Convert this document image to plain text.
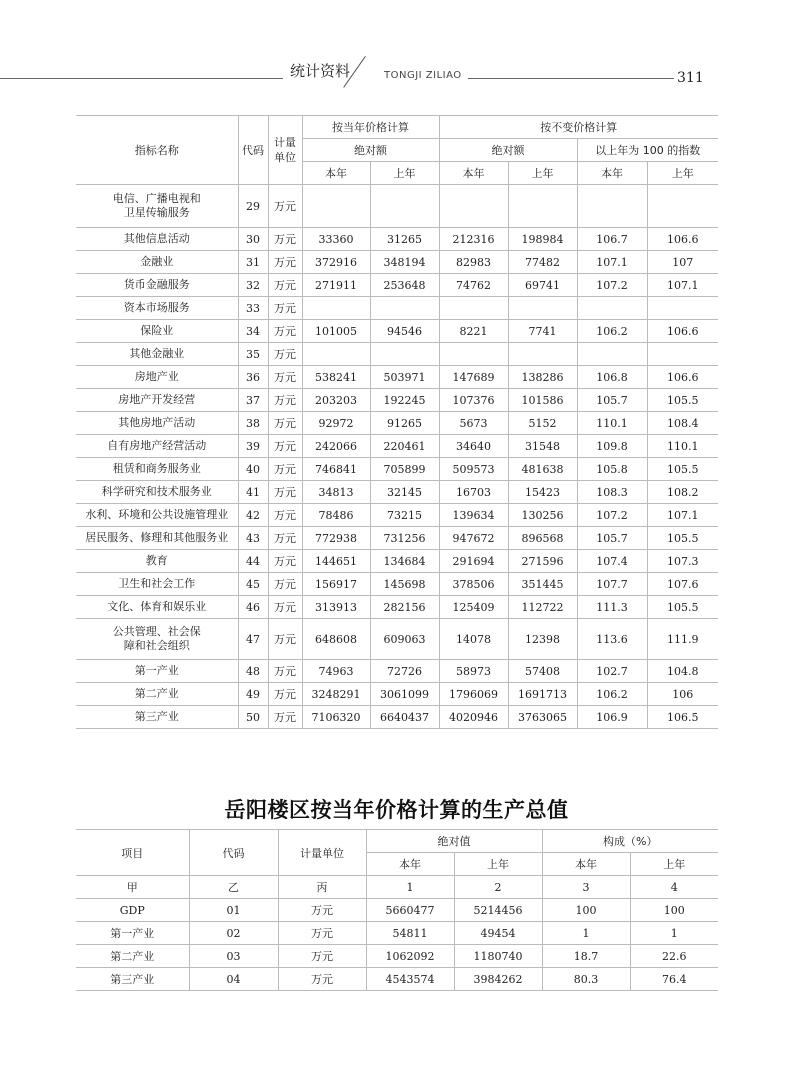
统计资料	TONGJI ZILIAO	311
指标名称	代码	计量单位	按当年价格计算		按不变价格计算			
			绝对额		绝对额		以上年为 100 的指数	
			本年	上年	本年	上年	本年	上年
电信、广播电视和卫星传输服务	29	万元						
其他信息活动	30	万元	33360	31265	212316	198984	106.7	106.6
金融业	31	万元	372916	348194	82983	77482	107.1	107
货币金融服务	32	万元	271911	253648	74762	69741	107.2	107.1
资本市场服务	33	万元						
保险业	34	万元	101005	94546	8221	7741	106.2	106.6
其他金融业	35	万元						
房地产业	36	万元	538241	503971	147689	138286	106.8	106.6
房地产开发经营	37	万元	203203	192245	107376	101586	105.7	105.5
其他房地产活动	38	万元	92972	91265	5673	5152	110.1	108.4
自有房地产经营活动	39	万元	242066	220461	34640	31548	109.8	110.1
租赁和商务服务业	40	万元	746841	705899	509573	481638	105.8	105.5
科学研究和技术服务业	41	万元	34813	32145	16703	15423	108.3	108.2
水利、环境和公共设施管理业	42	万元	78486	73215	139634	130256	107.2	107.1
居民服务、修理和其他服务业	43	万元	772938	731256	947672	896568	105.7	105.5
教育	44	万元	144651	134684	291694	271596	107.4	107.3
卫生和社会工作	45	万元	156917	145698	378506	351445	107.7	107.6
文化、体育和娱乐业	46	万元	313913	282156	125409	112722	111.3	105.5
公共管理、社会保障和社会组织	47	万元	648608	609063	14078	12398	113.6	111.9
第一产业	48	万元	74963	72726	58973	57408	102.7	104.8
第二产业	49	万元	3248291	3061099	1796069	1691713	106.2	106
第三产业	50	万元	7106320	6640437	4020946	3763065	106.9	106.5
岳阳楼区按当年价格计算的生产总值
项目	代码	计量单位	绝对值		构成（%）	
			本年	上年	本年	上年
甲	乙	丙	1	2	3	4
GDP	01	万元	5660477	5214456	100	100
第一产业	02	万元	54811	49454	1	1
第二产业	03	万元	1062092	1180740	18.7	22.6
第三产业	04	万元	4543574	3984262	80.3	76.4
